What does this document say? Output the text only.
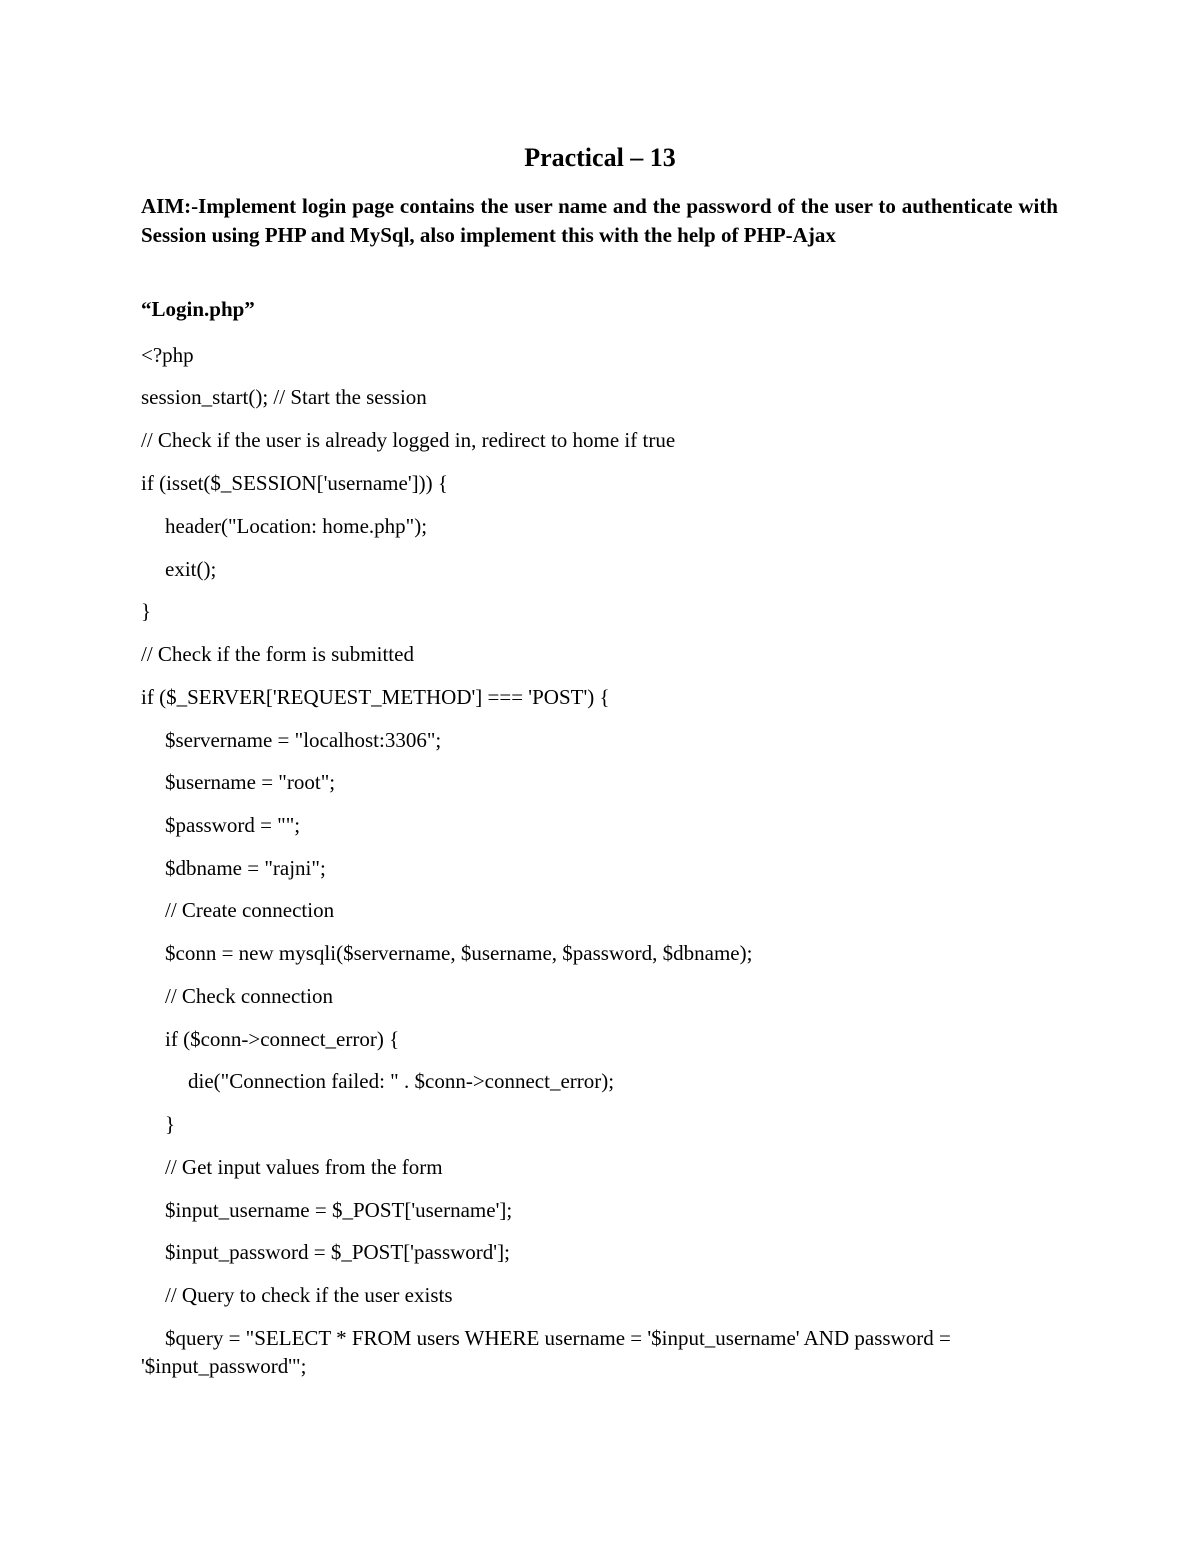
Practical – 13
AIM:-Implement login page contains the user name and the password of the user to authenticate with Session using PHP and MySql, also implement this with the help of PHP-Ajax
“Login.php”
<?php
session_start(); // Start the session
// Check if the user is already logged in, redirect to home if true
if (isset($_SESSION['username'])) {
header("Location: home.php");
exit();
}
// Check if the form is submitted
if ($_SERVER['REQUEST_METHOD'] === 'POST') {
$servername = "localhost:3306";
$username = "root";
$password = "";
$dbname = "rajni";
// Create connection
$conn = new mysqli($servername, $username, $password, $dbname);
// Check connection
if ($conn->connect_error) {
die("Connection failed: " . $conn->connect_error);
}
// Get input values from the form
$input_username = $_POST['username'];
$input_password = $_POST['password'];
// Query to check if the user exists
$query = "SELECT * FROM users WHERE username = '$input_username' AND password = '$input_password'";
